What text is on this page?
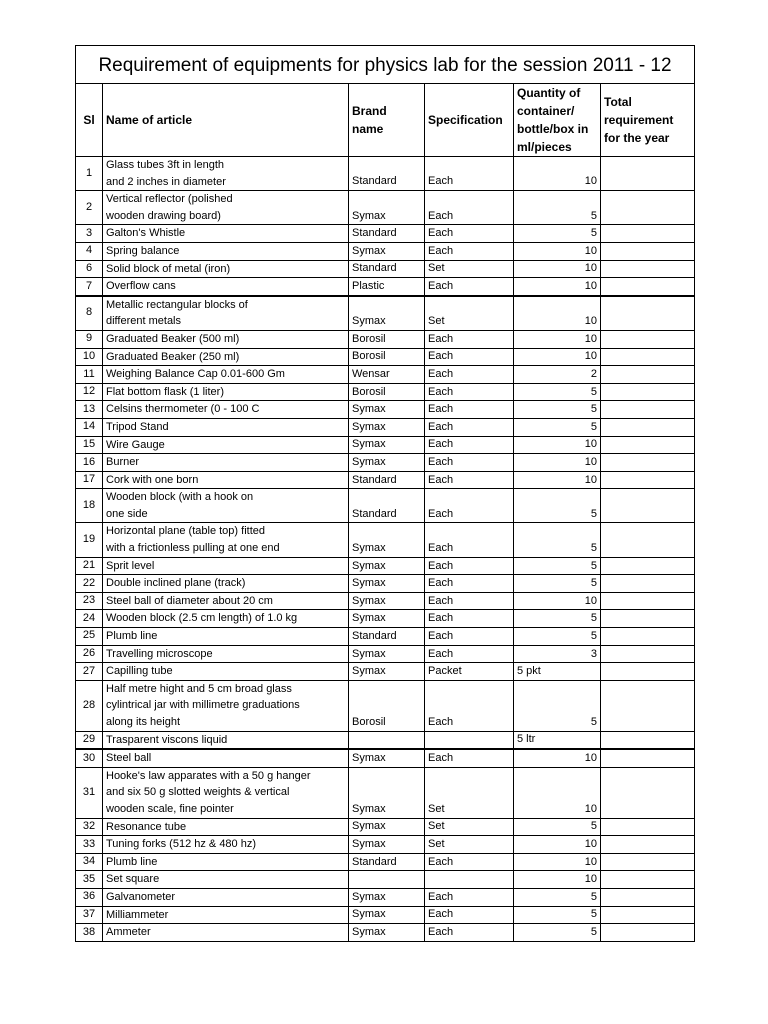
Requirement of equipments for physics lab for the session 2011 - 12					
Sl	Name of article	Brand name	Specification	Quantity of container/ bottle/box in ml/pieces	Total requirement for the year
1	Glass tubes 3ft in length
and 2 inches in diameter	Standard	Each	10	
2	Vertical reflector (polished
wooden drawing board)	Symax	Each	5	
3	Galton's Whistle	Standard	Each	5	
4	Spring balance	Symax	Each	10	
6	Solid block of metal (iron)	Standard	Set	10	
7	Overflow cans	Plastic	Each	10	
8	Metallic rectangular blocks of
different metals	Symax	Set	10	
9	Graduated Beaker (500 ml)	Borosil	Each	10	
10	Graduated Beaker (250 ml)	Borosil	Each	10	
11	Weighing Balance Cap 0.01-600 Gm	Wensar	Each	2	
12	Flat bottom flask (1 liter)	Borosil	Each	5	
13	Celsins thermometer (0 - 100 C	Symax	Each	5	
14	Tripod Stand	Symax	Each	5	
15	Wire Gauge	Symax	Each	10	
16	Burner	Symax	Each	10	
17	Cork with one born	Standard	Each	10	
18	Wooden block (with a hook on
one side	Standard	Each	5	
19	Horizontal plane (table top) fitted
with a frictionless pulling at one end	Symax	Each	5	
21	Sprit level	Symax	Each	5	
22	Double inclined plane (track)	Symax	Each	5	
23	Steel ball of diameter about 20 cm	Symax	Each	10	
24	Wooden block (2.5 cm length) of 1.0 kg	Symax	Each	5	
25	Plumb line	Standard	Each	5	
26	Travelling microscope	Symax	Each	3	
27	Capilling tube	Symax	Packet	5 pkt	
28	Half metre hight and 5 cm broad glass
cylintrical jar with millimetre graduations
along its height	Borosil	Each	5	
29	Trasparent viscons liquid			5 ltr	
30	Steel ball	Symax	Each	10	
31	Hooke's law apparates with a 50 g hanger
and six 50 g slotted weights & vertical
wooden scale, fine pointer	Symax	Set	10	
32	Resonance tube	Symax	Set	5	
33	Tuning forks (512 hz & 480 hz)	Symax	Set	10	
34	Plumb line	Standard	Each	10	
35	Set square			10	
36	Galvanometer	Symax	Each	5	
37	Milliammeter	Symax	Each	5	
38	Ammeter	Symax	Each	5	
